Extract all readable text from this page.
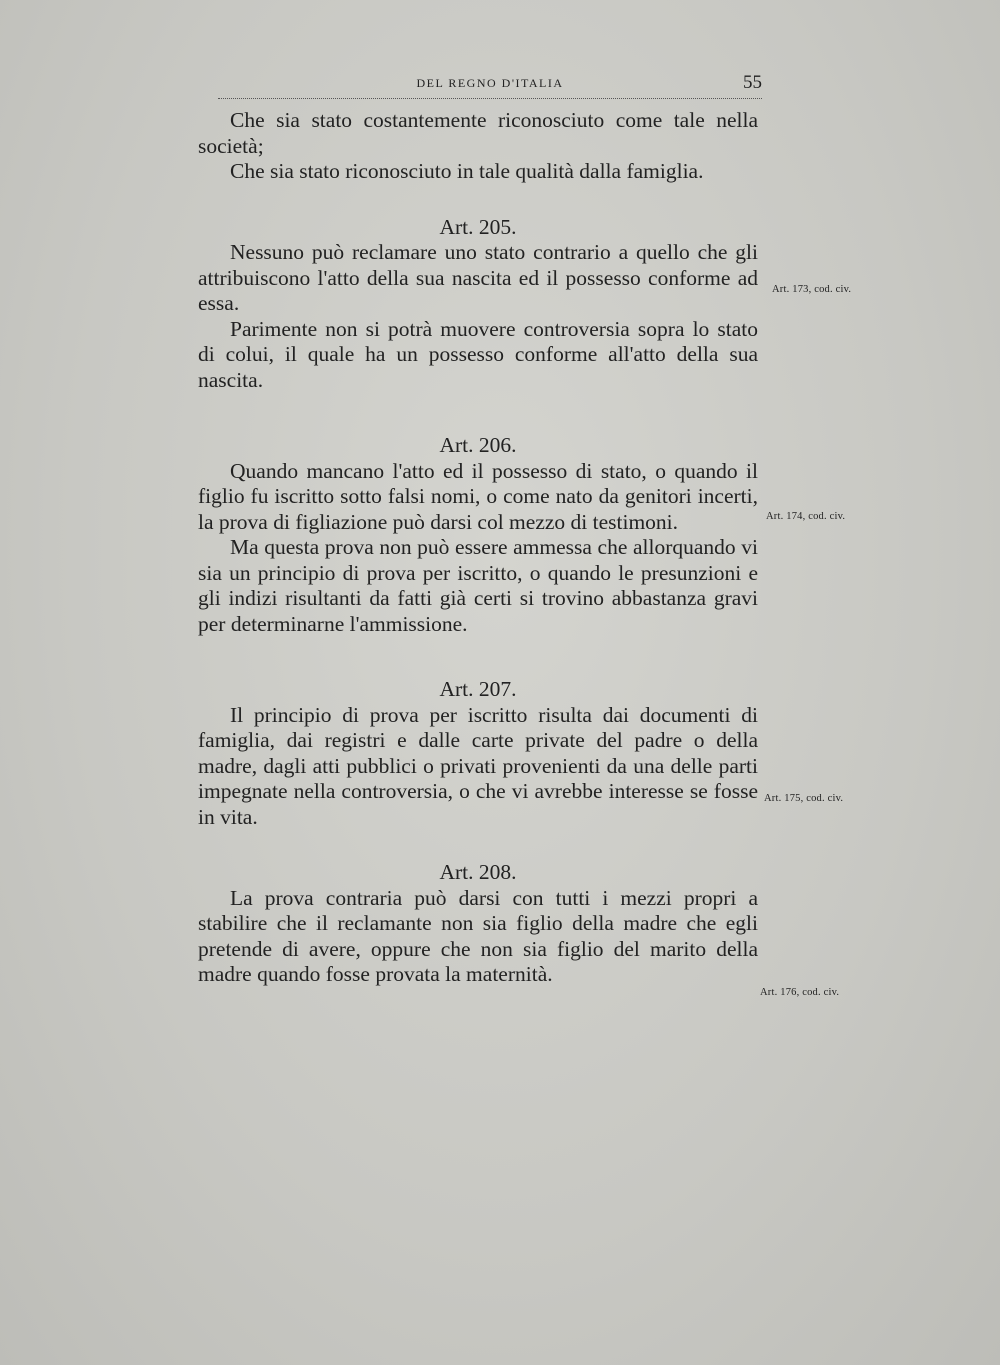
DEL REGNO D'ITALIA	55

Che sia stato costantemente riconosciuto come tale nella società;

Che sia stato riconosciuto in tale qualità dalla famiglia.

Art. 205.

Nessuno può reclamare uno stato contrario a quello che gli attribuiscono l'atto della sua nascita ed il possesso conforme ad essa.

Parimente non si potrà muovere controversia sopra lo stato di colui, il quale ha un possesso conforme all'atto della sua nascita.

Art. 206.

Quando mancano l'atto ed il possesso di stato, o quando il figlio fu iscritto sotto falsi nomi, o come nato da genitori incerti, la prova di figliazione può darsi col mezzo di testimoni.

Ma questa prova non può essere ammessa che allorquando vi sia un principio di prova per iscritto, o quando le presunzioni e gli indizi risultanti da fatti già certi si trovino abbastanza gravi per determinarne l'ammissione.

Art. 207.

Il principio di prova per iscritto risulta dai documenti di famiglia, dai registri e dalle carte private del padre o della madre, dagli atti pubblici o privati provenienti da una delle parti impegnate nella controversia, o che vi avrebbe interesse se fosse in vita.

Art. 208.

La prova contraria può darsi con tutti i mezzi propri a stabilire che il reclamante non sia figlio della madre che egli pretende di avere, oppure che non sia figlio del marito della madre quando fosse provata la maternità.

Art. 173, cod. civ.
Art. 174, cod. civ.
Art. 175, cod. civ.
Art. 176, cod. civ.
